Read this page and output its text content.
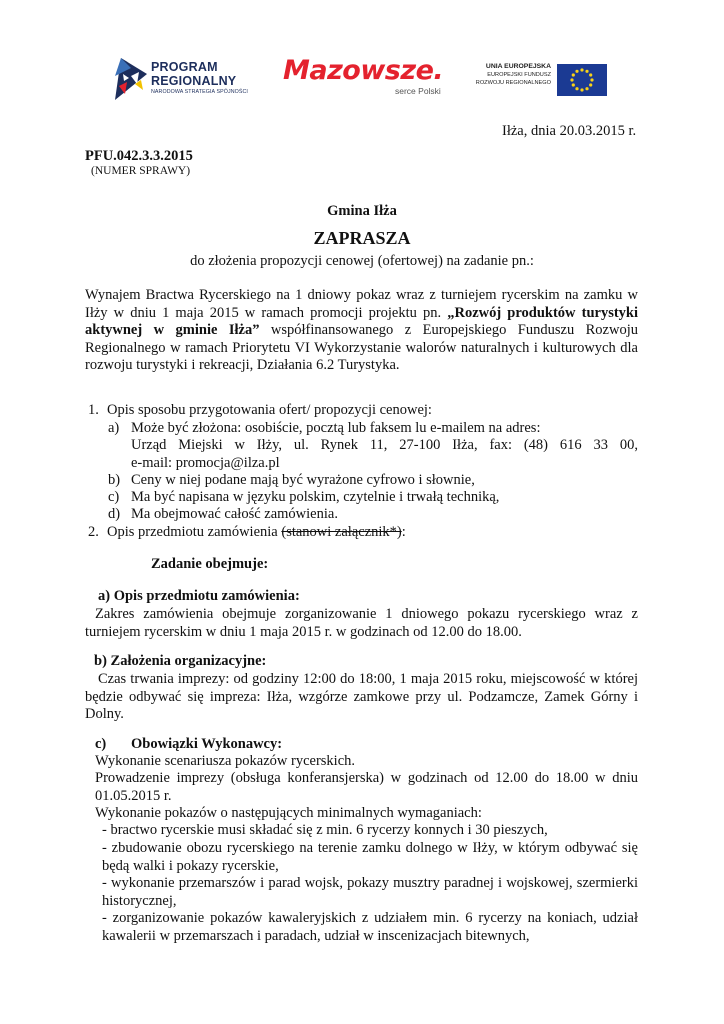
PROGRAM
REGIONALNY
NARODOWA STRATEGIA SPÓJNOŚCI
Mazowsze.
serce Polski
UNIA EUROPEJSKA
EUROPEJSKI FUNDUSZ
ROZWOJU REGIONALNEGO
Iłża, dnia 20.03.2015 r.
PFU.042.3.3.2015
(NUMER SPRAWY)
Gmina Iłża
ZAPRASZA
do złożenia propozycji cenowej (ofertowej) na zadanie pn.:
Wynajem Bractwa Rycerskiego na 1 dniowy pokaz wraz z turniejem rycerskim na zamku w Iłży w dniu 1 maja 2015 w ramach promocji projektu pn. „Rozwój produktów turystyki aktywnej w gminie Iłża” współfinansowanego z Europejskiego Funduszu Rozwoju Regionalnego w ramach Priorytetu VI Wykorzystanie walorów naturalnych i kulturowych dla rozwoju turystyki i rekreacji, Działania 6.2 Turystyka.
1. Opis sposobu przygotowania ofert/ propozycji cenowej:
a) Może być złożona: osobiście, pocztą lub faksem lu e-mailem na adres:
Urząd Miejski w Iłży, ul. Rynek 11, 27-100 Iłża, fax: (48) 616 33 00,
e-mail: promocja@ilza.pl
b) Ceny w niej podane mają być wyrażone cyfrowo i słownie,
c) Ma być napisana w języku polskim, czytelnie i trwałą techniką,
d) Ma obejmować całość zamówienia.
2. Opis przedmiotu zamówienia (stanowi załącznik*):
Zadanie obejmuje:
a) Opis przedmiotu zamówienia:
Zakres zamówienia obejmuje zorganizowanie 1 dniowego pokazu rycerskiego wraz z turniejem rycerskim w dniu 1 maja 2015 r. w godzinach od 12.00 do 18.00.
b) Założenia organizacyjne:
Czas trwania imprezy: od godziny 12:00 do 18:00, 1 maja 2015 roku, miejscowość w której będzie odbywać się impreza: Iłża, wzgórze zamkowe przy ul. Podzamcze, Zamek Górny i Dolny.
c) Obowiązki Wykonawcy:
Wykonanie scenariusza pokazów rycerskich.
Prowadzenie imprezy (obsługa konferansjerska) w godzinach od 12.00 do 18.00 w dniu 01.05.2015 r.
Wykonanie pokazów o następujących minimalnych wymaganiach:
- bractwo rycerskie musi składać się z min. 6 rycerzy konnych i 30 pieszych,
- zbudowanie obozu rycerskiego na terenie zamku dolnego w Iłży, w którym odbywać się będą walki i pokazy rycerskie,
- wykonanie przemarszów i parad wojsk, pokazy musztry paradnej i wojskowej, szermierki historycznej,
- zorganizowanie pokazów kawaleryjskich z udziałem min. 6 rycerzy na koniach, udział kawalerii w przemarszach i paradach, udział w inscenizacjach bitewnych,
